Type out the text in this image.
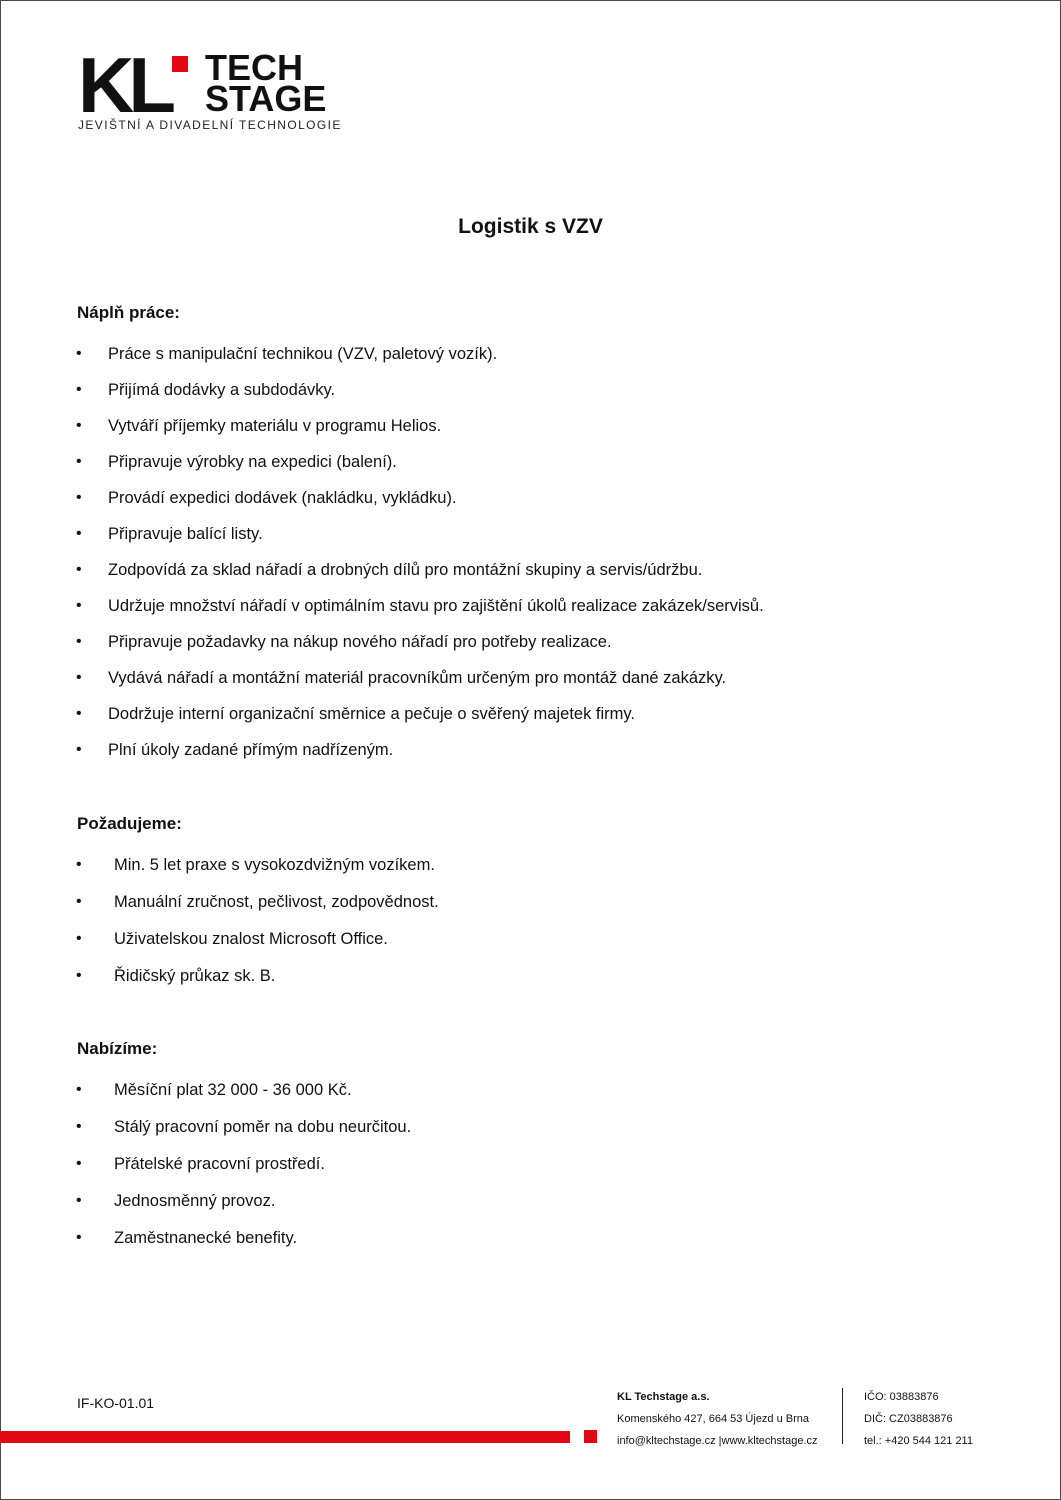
KL TECH
STAGE
JEVIŠTNÍ A DIVADELNÍ TECHNOLOGIE
Logistik s VZV
Náplň práce:
• Práce s manipulační technikou (VZV, paletový vozík).
• Přijímá dodávky a subdodávky.
• Vytváří příjemky materiálu v programu Helios.
• Připravuje výrobky na expedici (balení).
• Provádí expedici dodávek (nakládku, vykládku).
• Připravuje balící listy.
• Zodpovídá za sklad nářadí a drobných dílů pro montážní skupiny a servis/údržbu.
• Udržuje množství nářadí v optimálním stavu pro zajištění úkolů realizace zakázek/servisů.
• Připravuje požadavky na nákup nového nářadí pro potřeby realizace.
• Vydává nářadí a montážní materiál pracovníkům určeným pro montáž dané zakázky.
• Dodržuje interní organizační směrnice a pečuje o svěřený majetek firmy.
• Plní úkoly zadané přímým nadřízeným.
Požadujeme:
• Min. 5 let praxe s vysokozdvižným vozíkem.
• Manuální zručnost, pečlivost, zodpovědnost.
• Uživatelskou znalost Microsoft Office.
• Řidičský průkaz sk. B.
Nabízíme:
• Měsíční plat 32 000 - 36 000 Kč.
• Stálý pracovní poměr na dobu neurčitou.
• Přátelské pracovní prostředí.
• Jednosměnný provoz.
• Zaměstnanecké benefity.
IF-KO-01.01	KL Techstage a.s.
Komenského 427, 664 53 Újezd u Brna
info@kltechstage.cz |www.kltechstage.cz
IČO: 03883876
DIČ: CZ03883876
tel.: +420 544 121 211
